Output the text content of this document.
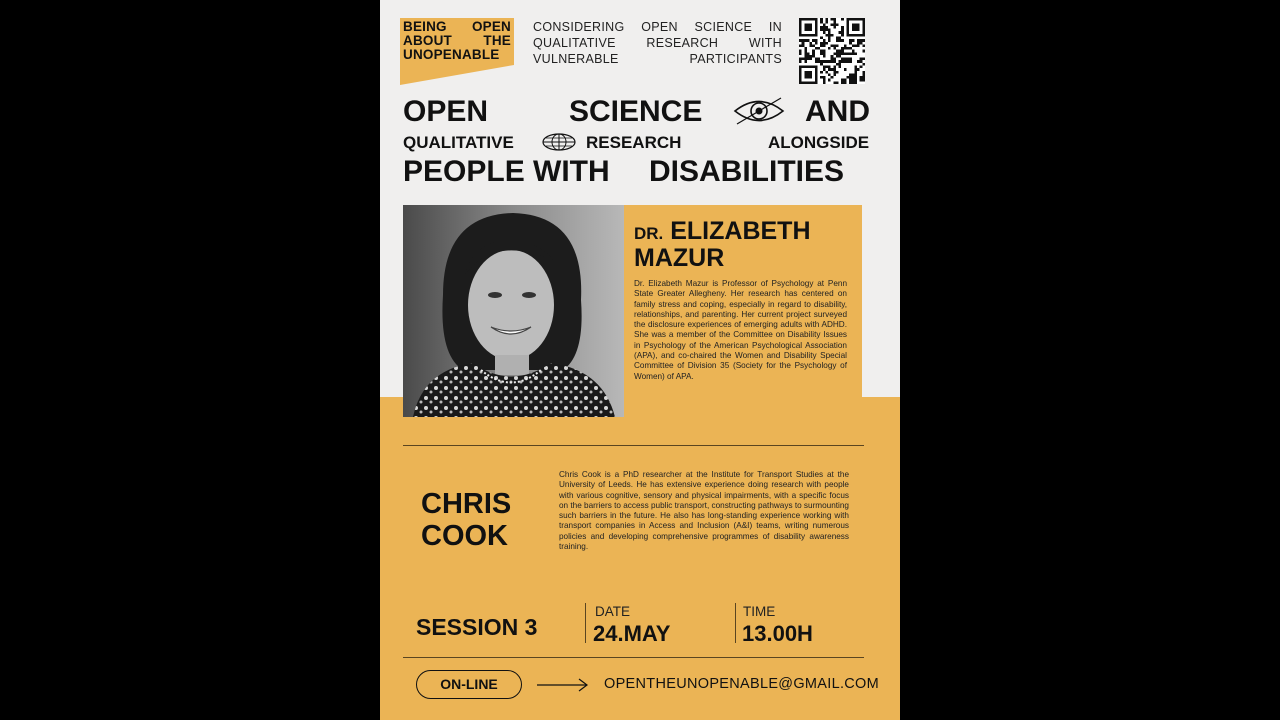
BEING OPEN
ABOUT THE
UNOPENABLE
CONSIDERING OPEN SCIENCE IN
QUALITATIVE RESEARCH WITH
VULNERABLE PARTICIPANTS
OPEN	SCIENCE	AND
QUALITATIVE	RESEARCH	ALONGSIDE
PEOPLE WITH DISABILITIES
DR. ELIZABETH
MAZUR
Dr. Elizabeth Mazur is Professor of Psychology at Penn State Greater Allegheny. Her research has centered on family stress and coping, especially in regard to disability, relationships, and parenting. Her current project surveyed the disclosure experiences of emerging adults with ADHD. She was a member of the Committee on Disability Issues in Psychology of the American Psychological Association (APA), and co-chaired the Women and Disability Special Committee of Division 35 (Society for the Psychology of Women) of APA.
CHRIS
COOK
Chris Cook is a PhD researcher at the Institute for Transport Studies at the University of Leeds. He has extensive experience doing research with people with various cognitive, sensory and physical impairments, with a specific focus on the barriers to access public transport, constructing pathways to surmounting such barriers in the future. He also has long-standing experience working with transport companies in Access and Inclusion (A&I) teams, writing numerous policies and developing comprehensive programmes of disability awareness training.
SESSION 3
DATE
24.MAY
TIME
13.00H
ON-LINE	OPENTHEUNOPENABLE@GMAIL.COM
